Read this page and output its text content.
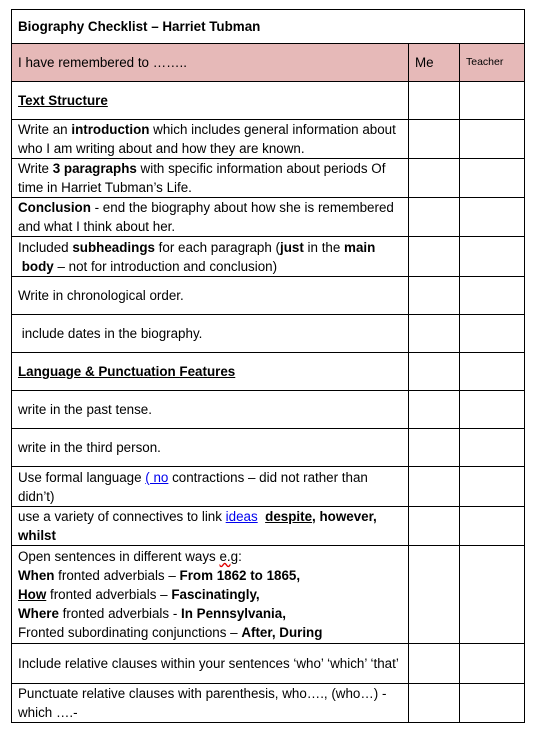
Biography Checklist – Harriet Tubman		
I have remembered to ……..	Me	Teacher
Text Structure		
Write an introduction which includes general information about who I am writing about and how they are known.		
Write 3 paragraphs with specific information about periods Of time in Harriet Tubman’s Life.		
Conclusion - end the biography about how she is remembered and what I think about her.		
Included subheadings for each paragraph (just in the main
body – not for introduction and conclusion)		
Write in chronological order.		
include dates in the biography.		
Language & Punctuation Features		
write in the past tense.		
write in the third person.		
Use formal language ( no contractions – did not rather than didn’t)		
use a variety of connectives to link ideas despite, however, whilst		
Open sentences in different ways e.g:
When fronted adverbials – From 1862 to 1865,
How fronted adverbials – Fascinatingly,
Where fronted adverbials - In Pennsylvania,
Fronted subordinating conjunctions – After, During		
Include relative clauses within your sentences ‘who’ ‘which’ ‘that’		
Punctuate relative clauses with parenthesis, who…., (who…) -which ….-		
